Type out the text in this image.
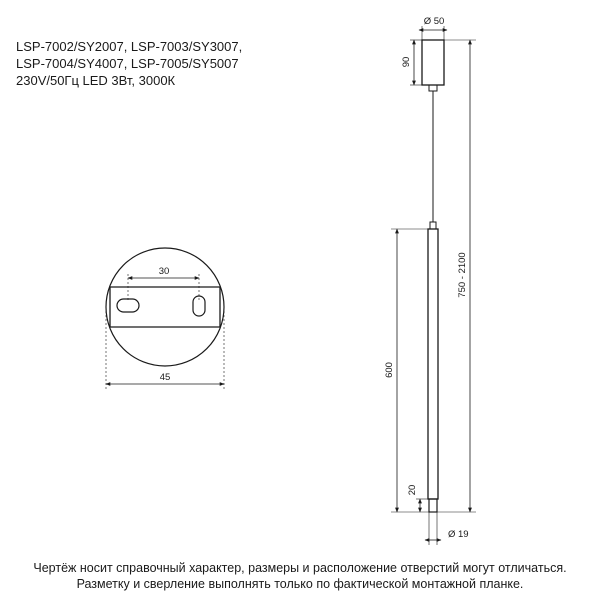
LSP-7002/SY2007, LSP-7003/SY3007,
LSP-7004/SY4007, LSP-7005/SY5007
230V/50Гц LED 3Вт, 3000К
30
45
Ø 50
90
750 - 2100
600
20
Ø 19
Чертёж носит справочный характер, размеры и расположение отверстий могут отличаться.
Разметку и сверление выполнять только по фактической монтажной планке.
